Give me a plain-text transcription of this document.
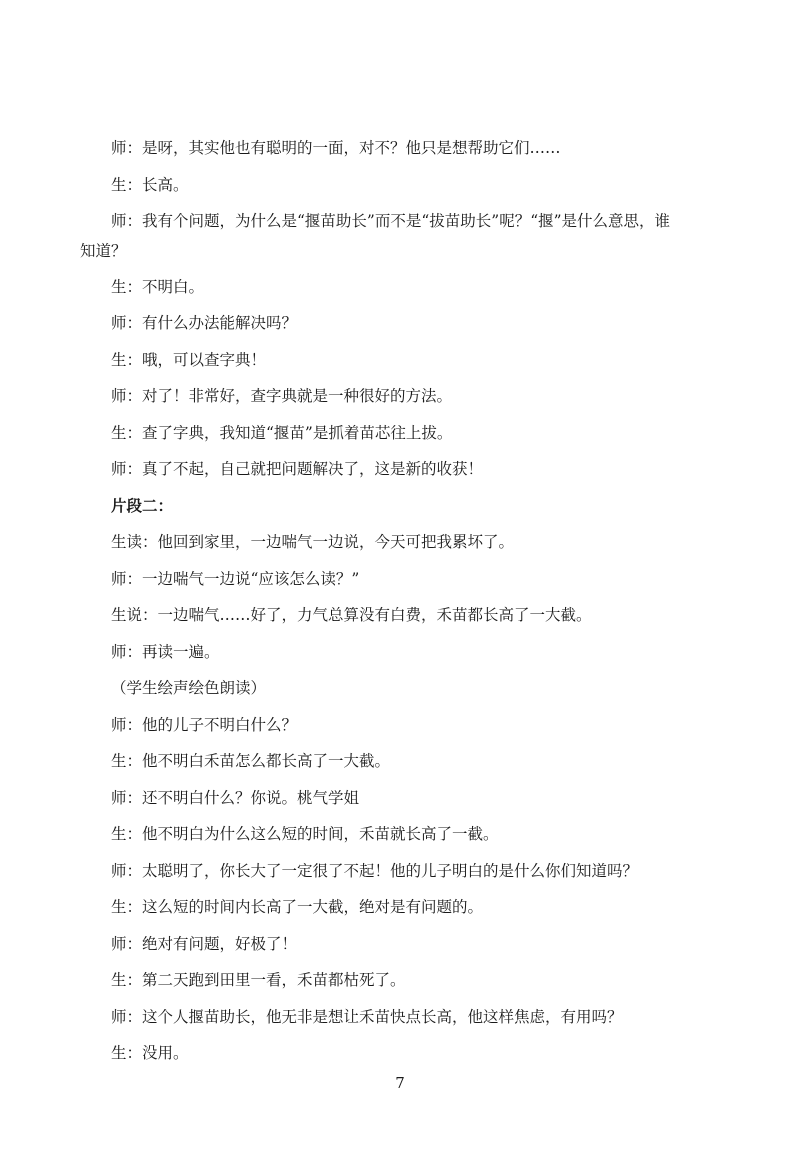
师：是呀，其实他也有聪明的一面，对不？他只是想帮助它们……
生：长高。
师：我有个问题，为什么是“揠苗助长”而不是“拔苗助长”呢？“揠”是什么意思，谁
知道？
生：不明白。
师：有什么办法能解决吗？
生：哦，可以查字典！
师：对了！非常好，查字典就是一种很好的方法。
生：查了字典，我知道“揠苗”是抓着苗芯往上拔。
师：真了不起，自己就把问题解决了，这是新的收获！
片段二：
生读：他回到家里，一边喘气一边说，今天可把我累坏了。
师：一边喘气一边说“应该怎么读？”
生说：一边喘气……好了，力气总算没有白费，禾苗都长高了一大截。
师：再读一遍。
（学生绘声绘色朗读）
师：他的儿子不明白什么？
生：他不明白禾苗怎么都长高了一大截。
师：还不明白什么？你说。桃气学姐
生：他不明白为什么这么短的时间，禾苗就长高了一截。
师：太聪明了，你长大了一定很了不起！他的儿子明白的是什么你们知道吗？
生：这么短的时间内长高了一大截，绝对是有问题的。
师：绝对有问题，好极了！
生：第二天跑到田里一看，禾苗都枯死了。
师：这个人揠苗助长，他无非是想让禾苗快点长高，他这样焦虑，有用吗？
生：没用。
7
